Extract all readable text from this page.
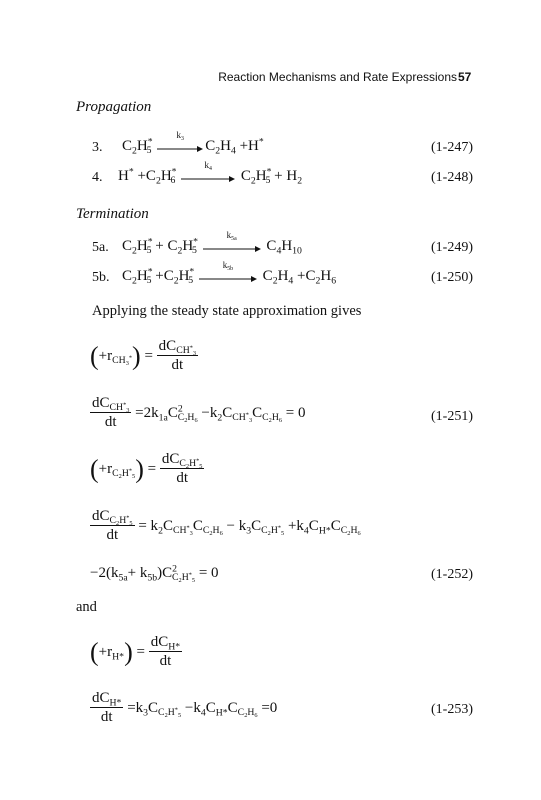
Reaction Mechanisms and Rate Expressions 57
Propagation
3. $C_2H^*_5$
$k_3$	$C_2H_4 +H^*$	(1-247)
4. $H^* +C_2H^*_6$
$k_4$	$C_2H^*_5 + H_2$	(1-248)
Termination
5a. $C_2H^*_5 + C_2H^*_5$
$k_{5a}$	$C_4H_{10}$	(1-249)
5b. $C_2H^*_5 +C_2H^*_5$
$k_{5b}$	$C_2H_4 +C_2H_6$	(1-250)
Applying the steady state approximation gives
$(+r_{CH_3^*}) = \frac{dC_{CH^*_3}}{dt}$
$\frac{dC_{CH^*_3}}{dt} =2k_{1a}C^2_{C_2H_6} -k_2C_{CH^*_3}C_{C_2H_6} = 0$	(1-251)
$(+r_{C_2H^*_5}) = \frac{dC_{C_2H^*_5}}{dt}$
$\frac{dC_{C_2H^*_5}}{dt} = k_2C_{CH^*_3}C_{C_2H_6} - k_3C_{C_2H^*_5} +k_4C_{H*}C_{C_2H_6}$
$-2(k_{5a}+ k_{5b})C^2_{C_2H^*_5} = 0$	(1-252)
and
$(+r_{H*}) = \frac{dC_{H*}}{dt}$
$\frac{dC_{H*}}{dt} =k_3C_{C_2H^*_5} -k_4C_{H*}C_{C_2H_6} =0$	(1-253)
